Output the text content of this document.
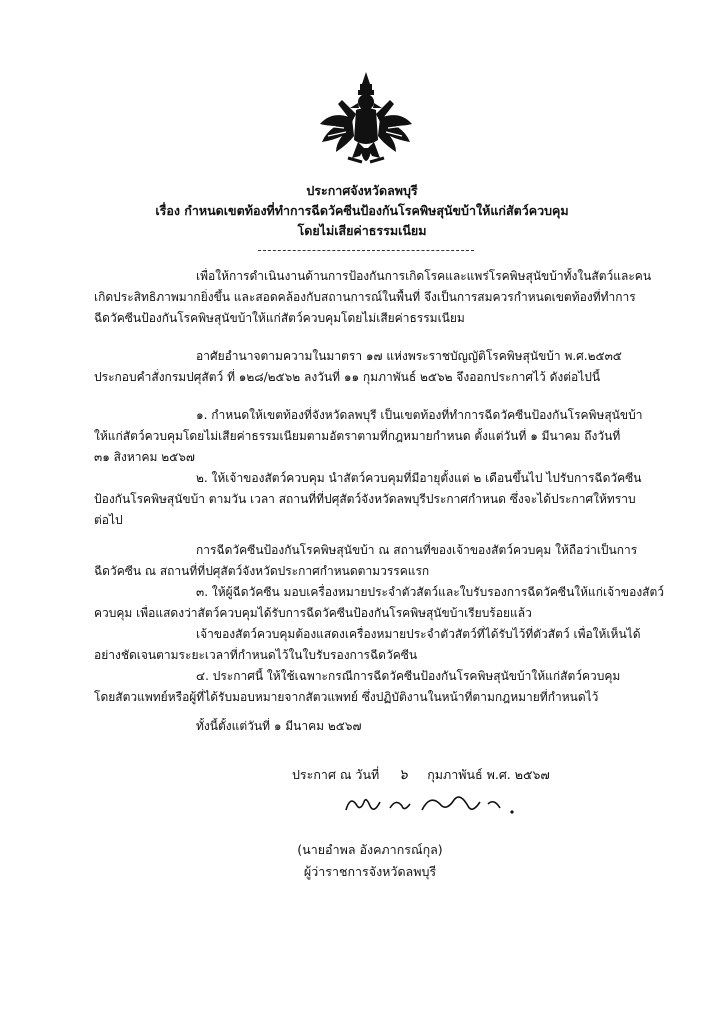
ประกาศจังหวัดลพบุรี
เรื่อง กำหนดเขตท้องที่ทำการฉีดวัคซีนป้องกันโรคพิษสุนัขบ้าให้แก่สัตว์ควบคุม
โดยไม่เสียค่าธรรมเนียม
เพื่อให้การดำเนินงานด้านการป้องกันการเกิดโรคและแพร่โรคพิษสุนัขบ้าทั้งในสัตว์และคน
เกิดประสิทธิภาพมากยิ่งขึ้น และสอดคล้องกับสถานการณ์ในพื้นที่ จึงเป็นการสมควรกำหนดเขตท้องที่ทำการ
ฉีดวัคซีนป้องกันโรคพิษสุนัขบ้าให้แก่สัตว์ควบคุมโดยไม่เสียค่าธรรมเนียม
อาศัยอำนาจตามความในมาตรา ๑๗ แห่งพระราชบัญญัติโรคพิษสุนัขบ้า พ.ศ.๒๕๓๕
ประกอบคำสั่งกรมปศุสัตว์ ที่ ๑๒๘/๒๕๖๒ ลงวันที่ ๑๑ กุมภาพันธ์ ๒๕๖๒ จึงออกประกาศไว้ ดังต่อไปนี้
๑. กำหนดให้เขตท้องที่จังหวัดลพบุรี เป็นเขตท้องที่ทำการฉีดวัคซีนป้องกันโรคพิษสุนัขบ้า
ให้แก่สัตว์ควบคุมโดยไม่เสียค่าธรรมเนียมตามอัตราตามที่กฎหมายกำหนด ตั้งแต่วันที่ ๑ มีนาคม ถึงวันที่
๓๑ สิงหาคม ๒๕๖๗
๒. ให้เจ้าของสัตว์ควบคุม นำสัตว์ควบคุมที่มีอายุตั้งแต่ ๒ เดือนขึ้นไป ไปรับการฉีดวัคซีน
ป้องกันโรคพิษสุนัขบ้า ตามวัน เวลา สถานที่ที่ปศุสัตว์จังหวัดลพบุรีประกาศกำหนด ซึ่งจะได้ประกาศให้ทราบ
ต่อไป
การฉีดวัคซีนป้องกันโรคพิษสุนัขบ้า ณ สถานที่ของเจ้าของสัตว์ควบคุม ให้ถือว่าเป็นการ
ฉีดวัคซีน ณ สถานที่ที่ปศุสัตว์จังหวัดประกาศกำหนดตามวรรคแรก
๓. ให้ผู้ฉีดวัคซีน มอบเครื่องหมายประจำตัวสัตว์และใบรับรองการฉีดวัคซีนให้แก่เจ้าของสัตว์
ควบคุม เพื่อแสดงว่าสัตว์ควบคุมได้รับการฉีดวัคซีนป้องกันโรคพิษสุนัขบ้าเรียบร้อยแล้ว
เจ้าของสัตว์ควบคุมต้องแสดงเครื่องหมายประจำตัวสัตว์ที่ได้รับไว้ที่ตัวสัตว์ เพื่อให้เห็นได้
อย่างชัดเจนตามระยะเวลาที่กำหนดไว้ในใบรับรองการฉีดวัคซีน
๔. ประกาศนี้ ให้ใช้เฉพาะกรณีการฉีดวัคซีนป้องกันโรคพิษสุนัขบ้าให้แก่สัตว์ควบคุม
โดยสัตวแพทย์หรือผู้ที่ได้รับมอบหมายจากสัตวแพทย์ ซึ่งปฏิบัติงานในหน้าที่ตามกฎหมายที่กำหนดไว้
ทั้งนี้ตั้งแต่วันที่ ๑ มีนาคม ๒๕๖๗
ประกาศ ณ วันที่ ๖ กุมภาพันธ์ พ.ศ. ๒๕๖๗
(นายอำพล อังคภากรณ์กุล)
ผู้ว่าราชการจังหวัดลพบุรี
